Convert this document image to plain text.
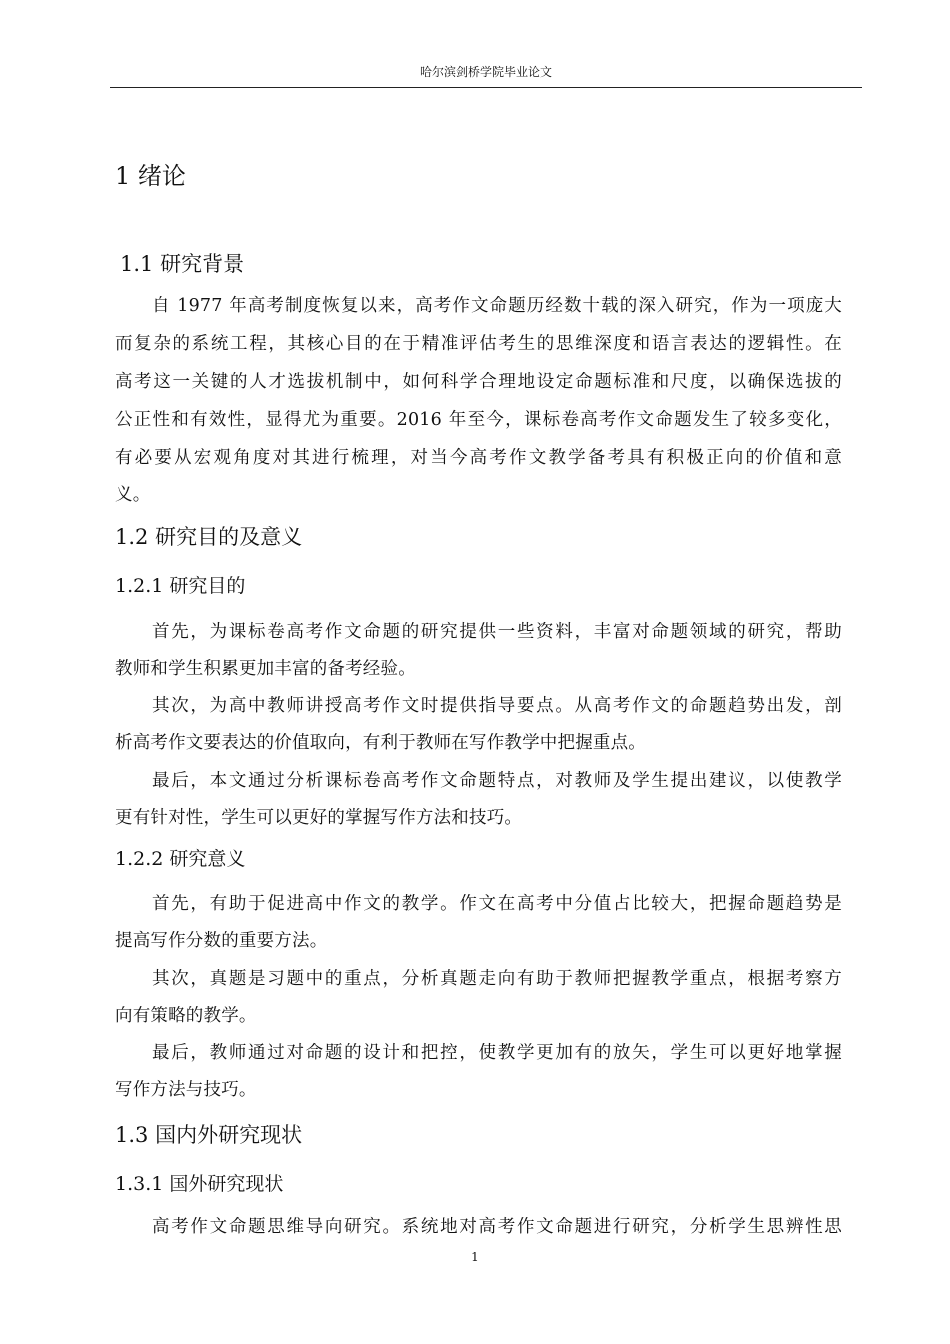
哈尔滨剑桥学院毕业论文
1 绪论
1.1 研究背景
自 1977 年高考制度恢复以来，高考作文命题历经数十载的深入研究，作为一项庞大
而复杂的系统工程，其核心目的在于精准评估考生的思维深度和语言表达的逻辑性。在
高考这一关键的人才选拔机制中，如何科学合理地设定命题标准和尺度，以确保选拔的
公正性和有效性，显得尤为重要。2016 年至今，课标卷高考作文命题发生了较多变化，
有必要从宏观角度对其进行梳理，对当今高考作文教学备考具有积极正向的价值和意
义。
1.2 研究目的及意义
1.2.1 研究目的
首先，为课标卷高考作文命题的研究提供一些资料，丰富对命题领域的研究，帮助
教师和学生积累更加丰富的备考经验。
其次，为高中教师讲授高考作文时提供指导要点。从高考作文的命题趋势出发，剖
析高考作文要表达的价值取向，有利于教师在写作教学中把握重点。
最后，本文通过分析课标卷高考作文命题特点，对教师及学生提出建议，以使教学
更有针对性，学生可以更好的掌握写作方法和技巧。
1.2.2 研究意义
首先，有助于促进高中作文的教学。作文在高考中分值占比较大，把握命题趋势是
提高写作分数的重要方法。
其次，真题是习题中的重点，分析真题走向有助于教师把握教学重点，根据考察方
向有策略的教学。
最后，教师通过对命题的设计和把控，使教学更加有的放矢，学生可以更好地掌握
写作方法与技巧。
1.3 国内外研究现状
1.3.1 国外研究现状
高考作文命题思维导向研究。系统地对高考作文命题进行研究，分析学生思辨性思
1
